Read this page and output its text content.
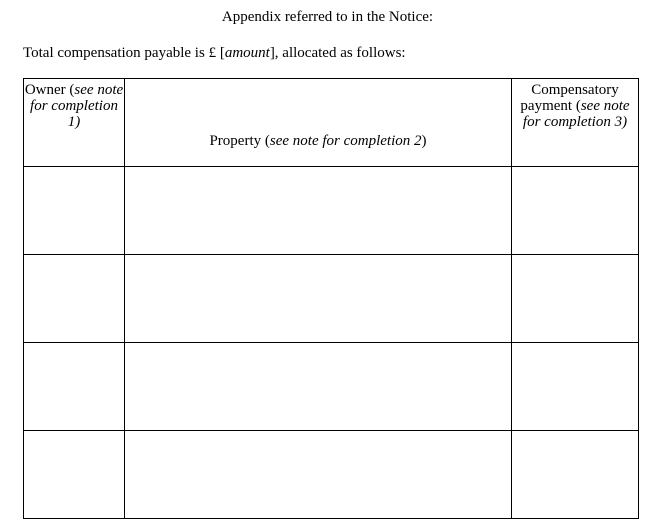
Appendix referred to in the Notice:
Total compensation payable is £ [amount], allocated as follows:
Owner (see note for completion 1)	Property (see note for completion 2)	Compensatory payment (see note for completion 3)
